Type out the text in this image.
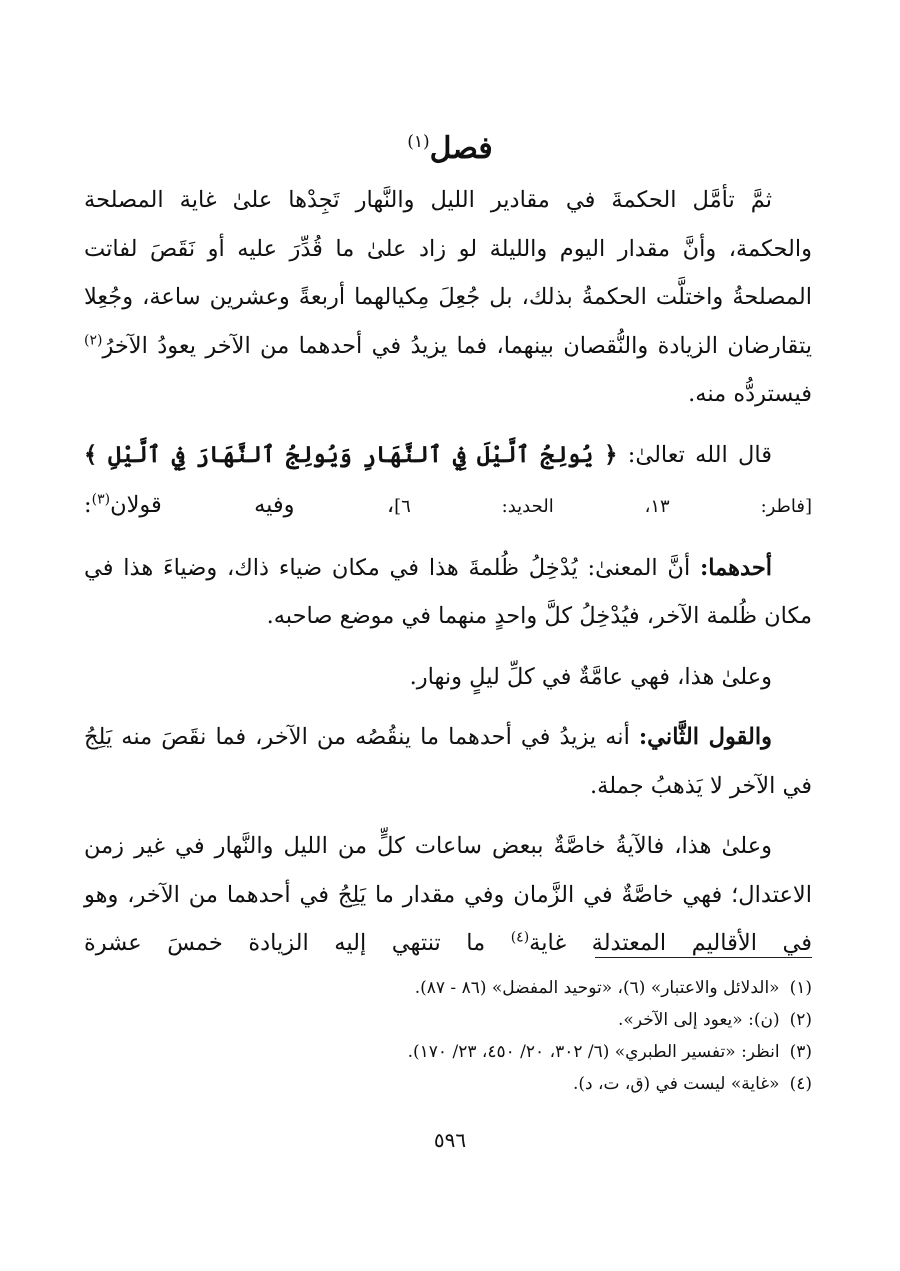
فصل$^{(١)}$

ثمَّ تأمَّل الحكمةَ في مقادير الليل والنَّهار تَجِدْها علىٰ غاية المصلحة والحكمة، وأنَّ مقدار اليوم والليلة لو زاد علىٰ ما قُدِّرَ عليه أو نَقَصَ لفاتت المصلحةُ واختلَّت الحكمةُ بذلك، بل جُعِلَ مِكيالهما أربعةً وعشرين ساعة، وجُعِلا يتقارضان الزيادة والنُّقصان بينهما، فما يزيدُ في أحدهما من الآخر يعودُ الآخرُ$^{(٢)}$ فيستردُّه منه.

قال الله تعالىٰ: ﴿ يُولِجُ ٱلَّيْلَ فِي ٱلنَّهَارِ وَيُولِجُ ٱلنَّهَارَ فِي ٱلَّيْلِ ﴾ [فاطر: ١٣، الحديد: ٦]، وفيه قولان$^{(٣)}$:

أحدهما: أنَّ المعنىٰ: يُدْخِلُ ظُلمةَ هذا في مكان ضياء ذاك، وضياءَ هذا في مكان ظُلمة الآخر، فيُدْخِلُ كلَّ واحدٍ منهما في موضع صاحبه.

وعلىٰ هذا، فهي عامَّةٌ في كلِّ ليلٍ ونهار.

والقول الثَّاني: أنه يزيدُ في أحدهما ما ينقُصُه من الآخر، فما نقَصَ منه يَلِجُ في الآخر لا يَذهبُ جملة.

وعلىٰ هذا، فالآيةُ خاصَّةٌ ببعض ساعات كلٍّ من الليل والنَّهار في غير زمن الاعتدال؛ فهي خاصَّةٌ في الزَّمان وفي مقدار ما يَلِجُ في أحدهما من الآخر، وهو في الأقاليم المعتدلة غاية$^{(٤)}$ ما تنتهي إليه الزيادة خمسَ عشرة

(١)«الدلائل والاعتبار» (٦)، «توحيد المفضل» (٨٦ - ٨٧).
(٢)(ن): «يعود إلى الآخر».
(٣)انظر: «تفسير الطبري» (٦/ ٣٠٢، ٢٠/ ٤٥٠، ٢٣/ ١٧٠).
(٤)«غاية» ليست في (ق، ت، د).
٥٩٦
